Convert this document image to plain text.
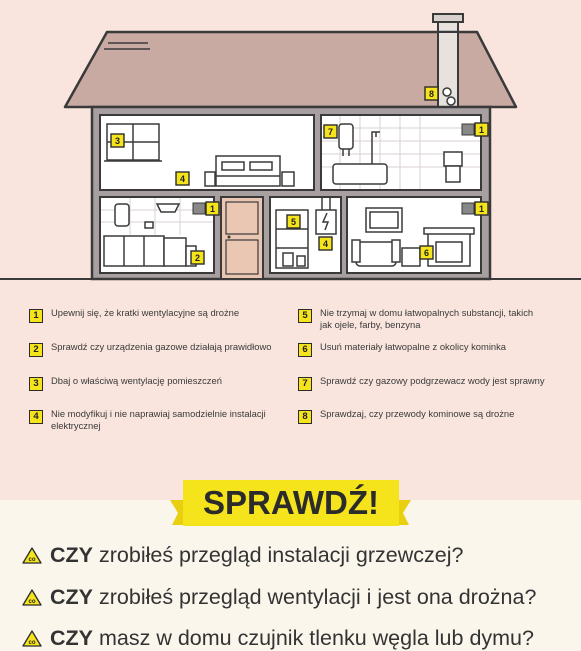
1
1	1
2
3
4
4
5
6
7
8
1	Upewnij się, że kratki wentylacyjne są drożne
2	Sprawdź czy urządzenia gazowe działają prawidłowo
3	Dbaj o właściwą wentylację pomieszczeń
4	Nie modyfikuj i nie naprawiaj samodzielnie instalacji elektrycznej
5	Nie trzymaj w domu łatwopalnych substancji, takich jak ojele, farby, benzyna
6	Usuń materiały łatwopalne z okolicy kominka
7	Sprawdź czy gazowy podgrzewacz wody jest sprawny
8	Sprawdzaj, czy przewody kominowe są drożne
SPRAWDŹ!
co CZY zrobiłeś przegląd instalacji grzewczej?
co CZY zrobiłeś przegląd wentylacji i jest ona drożna?
co CZY masz w domu czujnik tlenku węgla lub dymu?
